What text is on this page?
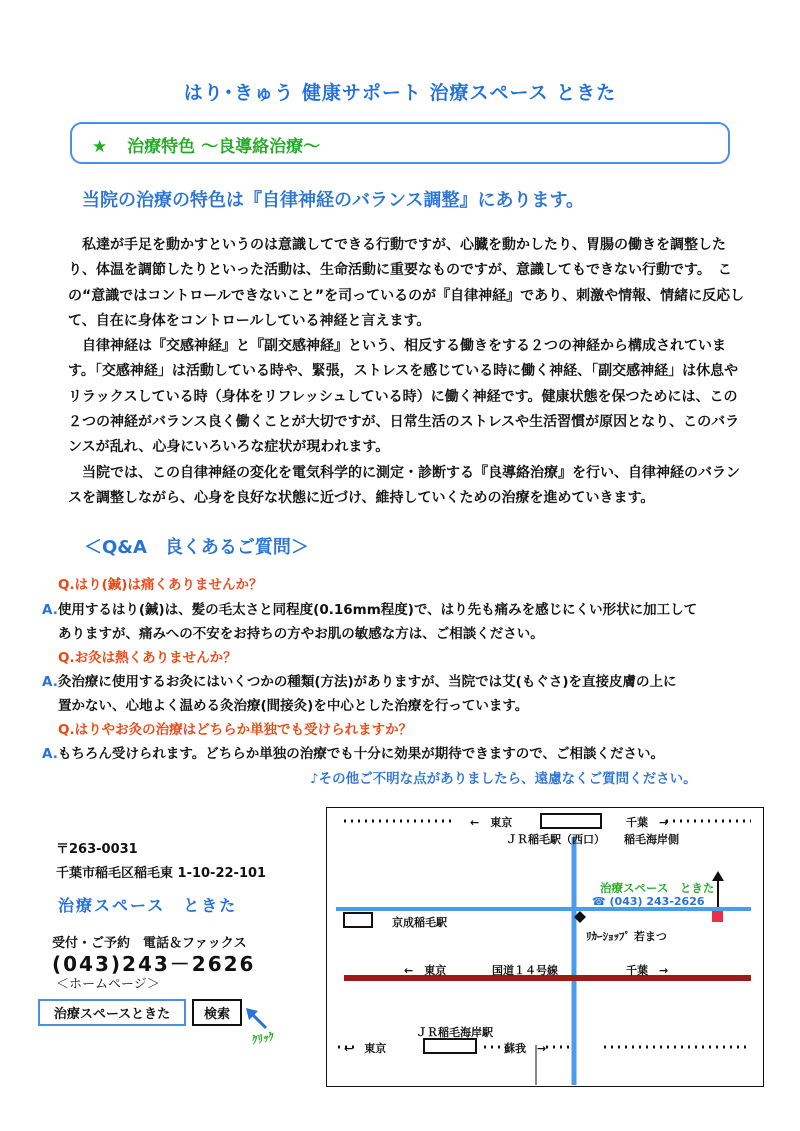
はり･きゅう 健康サポート 治療スペース ときた
★ 治療特色 ～良導絡治療～
当院の治療の特色は『自律神経のバランス調整』にあります。

　私達が手足を動かすというのは意識してできる行動ですが、心臓を動かしたり、胃腸の働きを調整したり、体温を調節したりといった活動は、生命活動に重要なものですが、意識してもできない行動です。　この“意識ではコントロールできないこと”を司っているのが『自律神経』であり、刺激や情報、情緒に反応して、自在に身体をコントロールしている神経と言えます。

　自律神経は『交感神経』と『副交感神経』という、相反する働きをする２つの神経から構成されています。「交感神経」は活動している時や、緊張，ストレスを感じている時に働く神経、「副交感神経」は休息やリラックスしている時（身体をリフレッシュしている時）に働く神経です。健康状態を保つためには、この２つの神経がバランス良く働くことが大切ですが、日常生活のストレスや生活習慣が原因となり、このバランスが乱れ、心身にいろいろな症状が現われます。

　当院では、この自律神経の変化を電気科学的に測定・診断する『良導絡治療』を行い、自律神経のバランスを調整しながら、心身を良好な状態に近づけ、維持していくための治療を進めていきます。

＜Q&A　良くあるご質問＞
Q.はり(鍼)は痛くありませんか？
A.使用するはり(鍼)は、髪の毛太さと同程度(0.16mm程度)で、はり先も痛みを感じにくい形状に加工して
ありますが、痛みへの不安をお持ちの方やお肌の敏感な方は、ご相談ください。
Q.お灸は熱くありませんか？
A.灸治療に使用するお灸にはいくつかの種類(方法)がありますが、当院では艾(もぐさ)を直接皮膚の上に
置かない、心地よく温める灸治療(間接灸)を中心とした治療を行っています。
Q.はりやお灸の治療はどちらか単独でも受けられますか？
A.もちろん受けられます。どちらか単独の治療でも十分に効果が期待できますので、ご相談ください。
♪その他ご不明な点がありましたら、遠慮なくご質問ください。
〒263-0031
千葉市稲毛区稲毛東 1-10-22-101
治療スペース　ときた
受付・ご予約　電話＆ファックス
(043)243－2626
＜ホームページ＞
治療スペースときた	検索
ｸﾘｯｸ
←　東京	千葉　→
ＪＲ稲毛駅（西口） 稲毛海岸側
治療スペース　ときた
☎ (043) 243-2626
京成稲毛駅
ﾘｶｰｼｮｯﾌﾟ 若まつ
←　東京	国道１４号線	千葉　→
ＪＲ稲毛海岸駅
←　東京	蘇我　→
